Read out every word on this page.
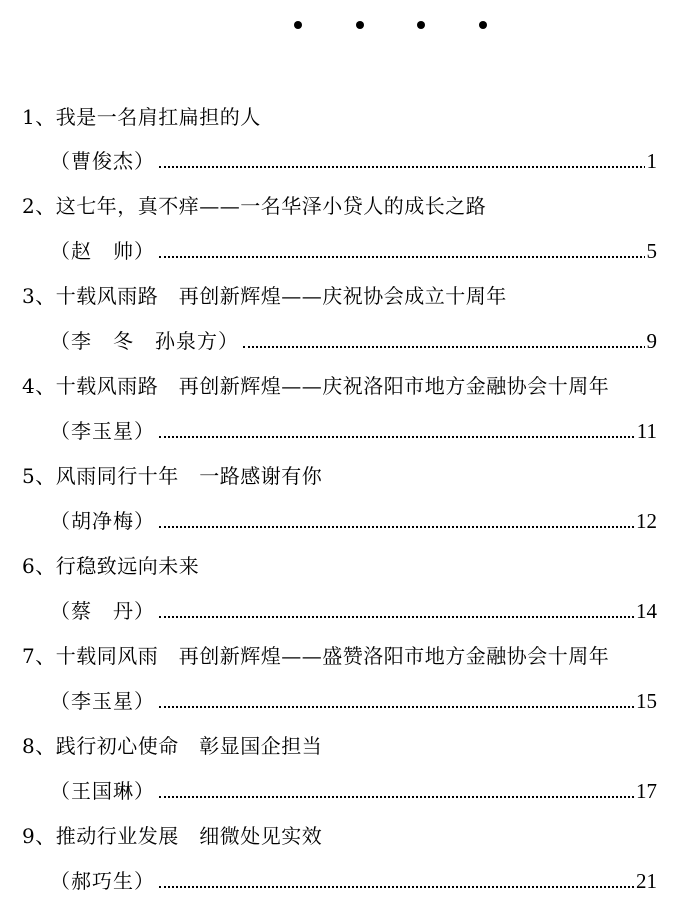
1、我是一名肩扛扁担的人
（曹俊杰）	1
2、这七年，真不痒——一名华泽小贷人的成长之路
（赵　帅）	5
3、十载风雨路　再创新辉煌——庆祝协会成立十周年
（李　冬　孙泉方）	9
4、十载风雨路　再创新辉煌——庆祝洛阳市地方金融协会十周年
（李玉星）	11
5、风雨同行十年　一路感谢有你
（胡净梅）	12
6、行稳致远向未来
（蔡　丹）	14
7、十载同风雨　再创新辉煌——盛赞洛阳市地方金融协会十周年
（李玉星）	15
8、践行初心使命　彰显国企担当
（王国琳）	17
9、推动行业发展　细微处见实效
（郝巧生）	21
